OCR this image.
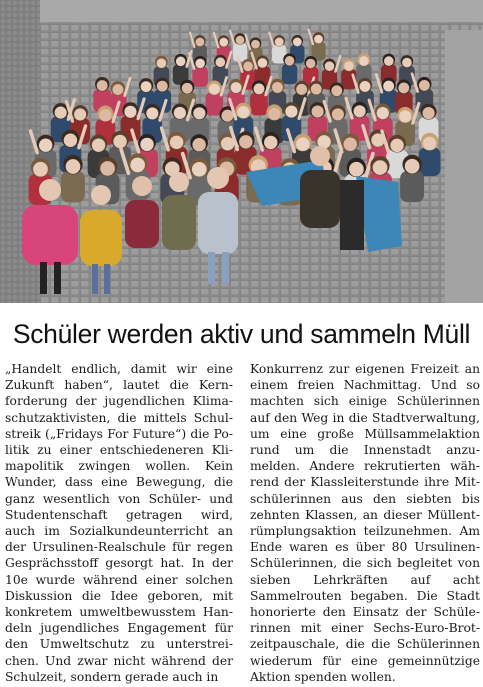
Schüler werden aktiv und sammeln Müll

„Handelt endlich, damit wir eine Zukunft haben“, lautet die Kernforderung der jugendlichen Klimaschutzaktivisten, die mittels Schulstreik („Fridays For Future“) die Politik zu einer entschiedeneren Klimapolitik zwingen wollen. Kein Wunder, dass eine Bewegung, die ganz wesentlich von Schüler- und Studentenschaft getragen wird, auch im Sozialkundeunterricht an der Ursulinen-Realschule für regen Gesprächsstoff gesorgt hat. In der 10e wurde während einer solchen Diskussion die Idee geboren, mit konkretem umweltbewusstem Handeln jugendliches Engagement für den Umweltschutz zu unterstreichen. Und zwar nicht während der Schulzeit, sondern gerade auch in

Konkurrenz zur eigenen Freizeit an einem freien Nachmittag. Und so machten sich einige Schülerinnen auf den Weg in die Stadtverwaltung, um eine große Müllsammelaktion rund um die Innenstadt anzumelden. Andere rekrutierten während der Klassleiterstunde ihre Mitschülerinnen aus den siebten bis zehnten Klassen, an dieser Müllentrümplungsaktion teilzunehmen. Am Ende waren es über 80 Ursulinen-Schülerinnen, die sich begleitet von sieben Lehrkräften auf acht Sammelrouten begaben. Die Stadt honorierte den Einsatz der Schülerinnen mit einer Sechs-Euro-Brotzeitpauschale, die die Schülerinnen wiederum für eine gemeinnützige Aktion spenden wollen.
